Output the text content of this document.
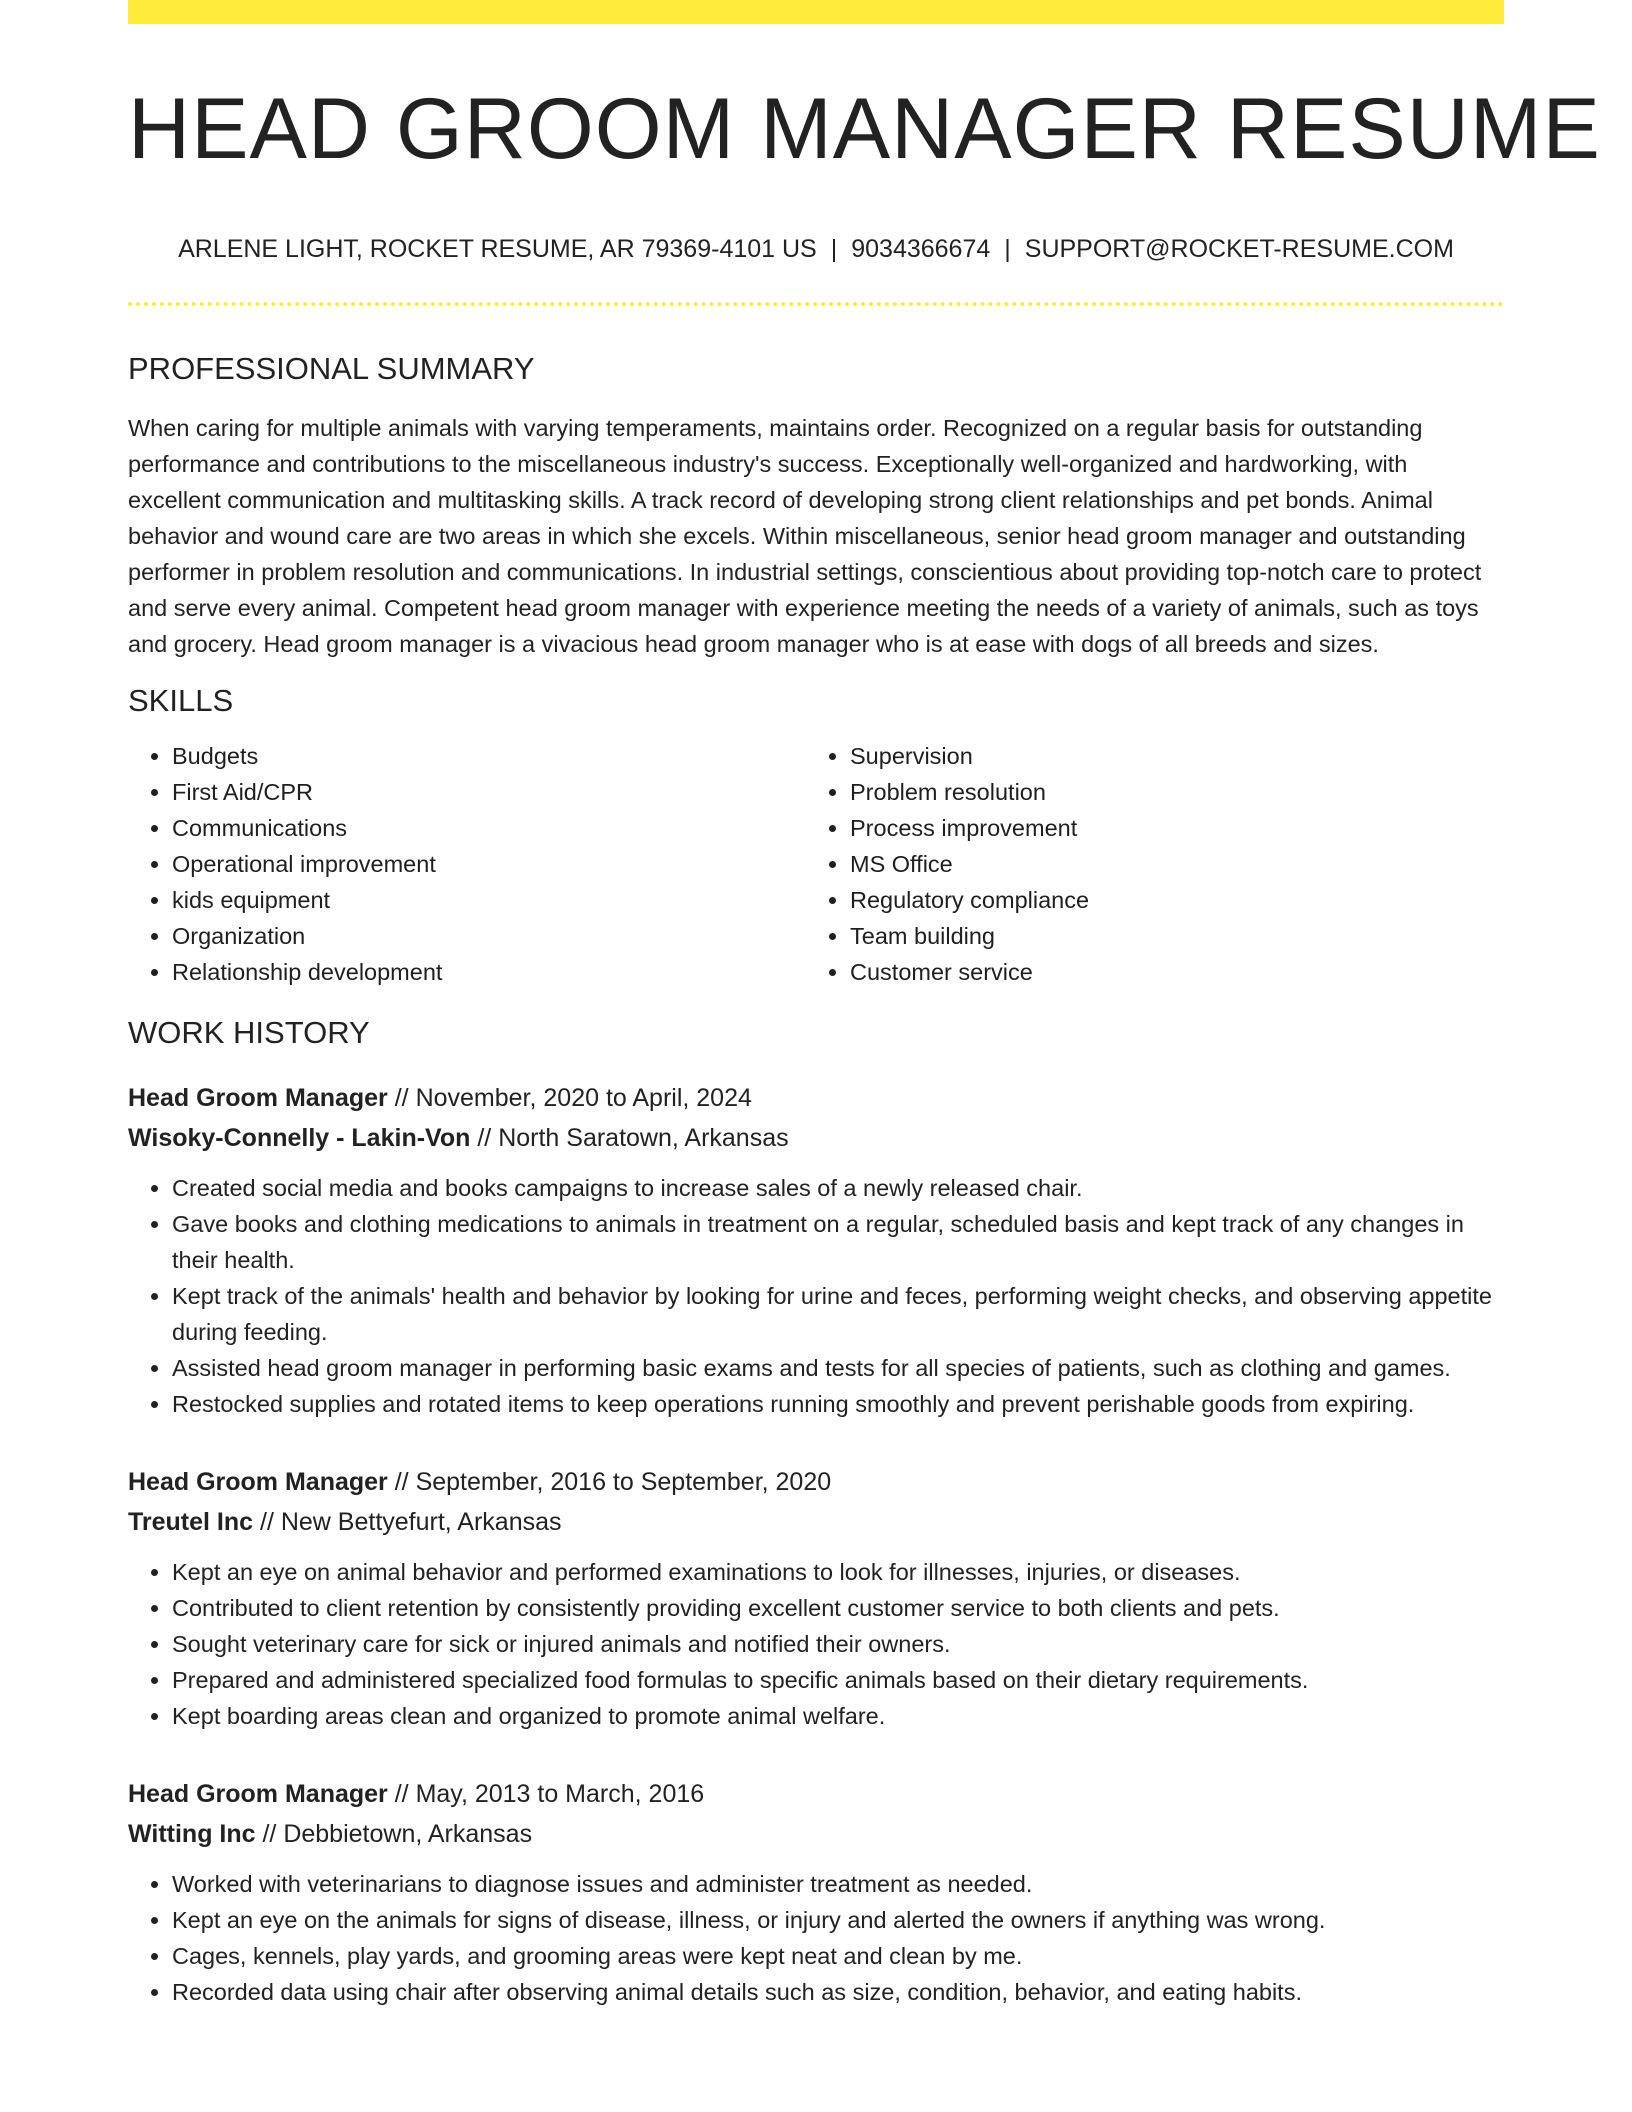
HEAD GROOM MANAGER RESUME
ARLENE LIGHT, ROCKET RESUME, AR 79369-4101 US | 9034366674 | SUPPORT@ROCKET-RESUME.COM
PROFESSIONAL SUMMARY
When caring for multiple animals with varying temperaments, maintains order. Recognized on a regular basis for outstanding performance and contributions to the miscellaneous industry's success. Exceptionally well-organized and hardworking, with excellent communication and multitasking skills. A track record of developing strong client relationships and pet bonds. Animal behavior and wound care are two areas in which she excels. Within miscellaneous, senior head groom manager and outstanding performer in problem resolution and communications. In industrial settings, conscientious about providing top-notch care to protect and serve every animal. Competent head groom manager with experience meeting the needs of a variety of animals, such as toys and grocery. Head groom manager is a vivacious head groom manager who is at ease with dogs of all breeds and sizes.
SKILLS
• Budgets
• First Aid/CPR
• Communications
• Operational improvement
• kids equipment
• Organization
• Relationship development
• Supervision
• Problem resolution
• Process improvement
• MS Office
• Regulatory compliance
• Team building
• Customer service
WORK HISTORY
Head Groom Manager // November, 2020 to April, 2024
Wisoky-Connelly - Lakin-Von // North Saratown, Arkansas
• Created social media and books campaigns to increase sales of a newly released chair.
• Gave books and clothing medications to animals in treatment on a regular, scheduled basis and kept track of any changes in their health.
• Kept track of the animals' health and behavior by looking for urine and feces, performing weight checks, and observing appetite during feeding.
• Assisted head groom manager in performing basic exams and tests for all species of patients, such as clothing and games.
• Restocked supplies and rotated items to keep operations running smoothly and prevent perishable goods from expiring.
Head Groom Manager // September, 2016 to September, 2020
Treutel Inc // New Bettyefurt, Arkansas
• Kept an eye on animal behavior and performed examinations to look for illnesses, injuries, or diseases.
• Contributed to client retention by consistently providing excellent customer service to both clients and pets.
• Sought veterinary care for sick or injured animals and notified their owners.
• Prepared and administered specialized food formulas to specific animals based on their dietary requirements.
• Kept boarding areas clean and organized to promote animal welfare.
Head Groom Manager // May, 2013 to March, 2016
Witting Inc // Debbietown, Arkansas
• Worked with veterinarians to diagnose issues and administer treatment as needed.
• Kept an eye on the animals for signs of disease, illness, or injury and alerted the owners if anything was wrong.
• Cages, kennels, play yards, and grooming areas were kept neat and clean by me.
• Recorded data using chair after observing animal details such as size, condition, behavior, and eating habits.
